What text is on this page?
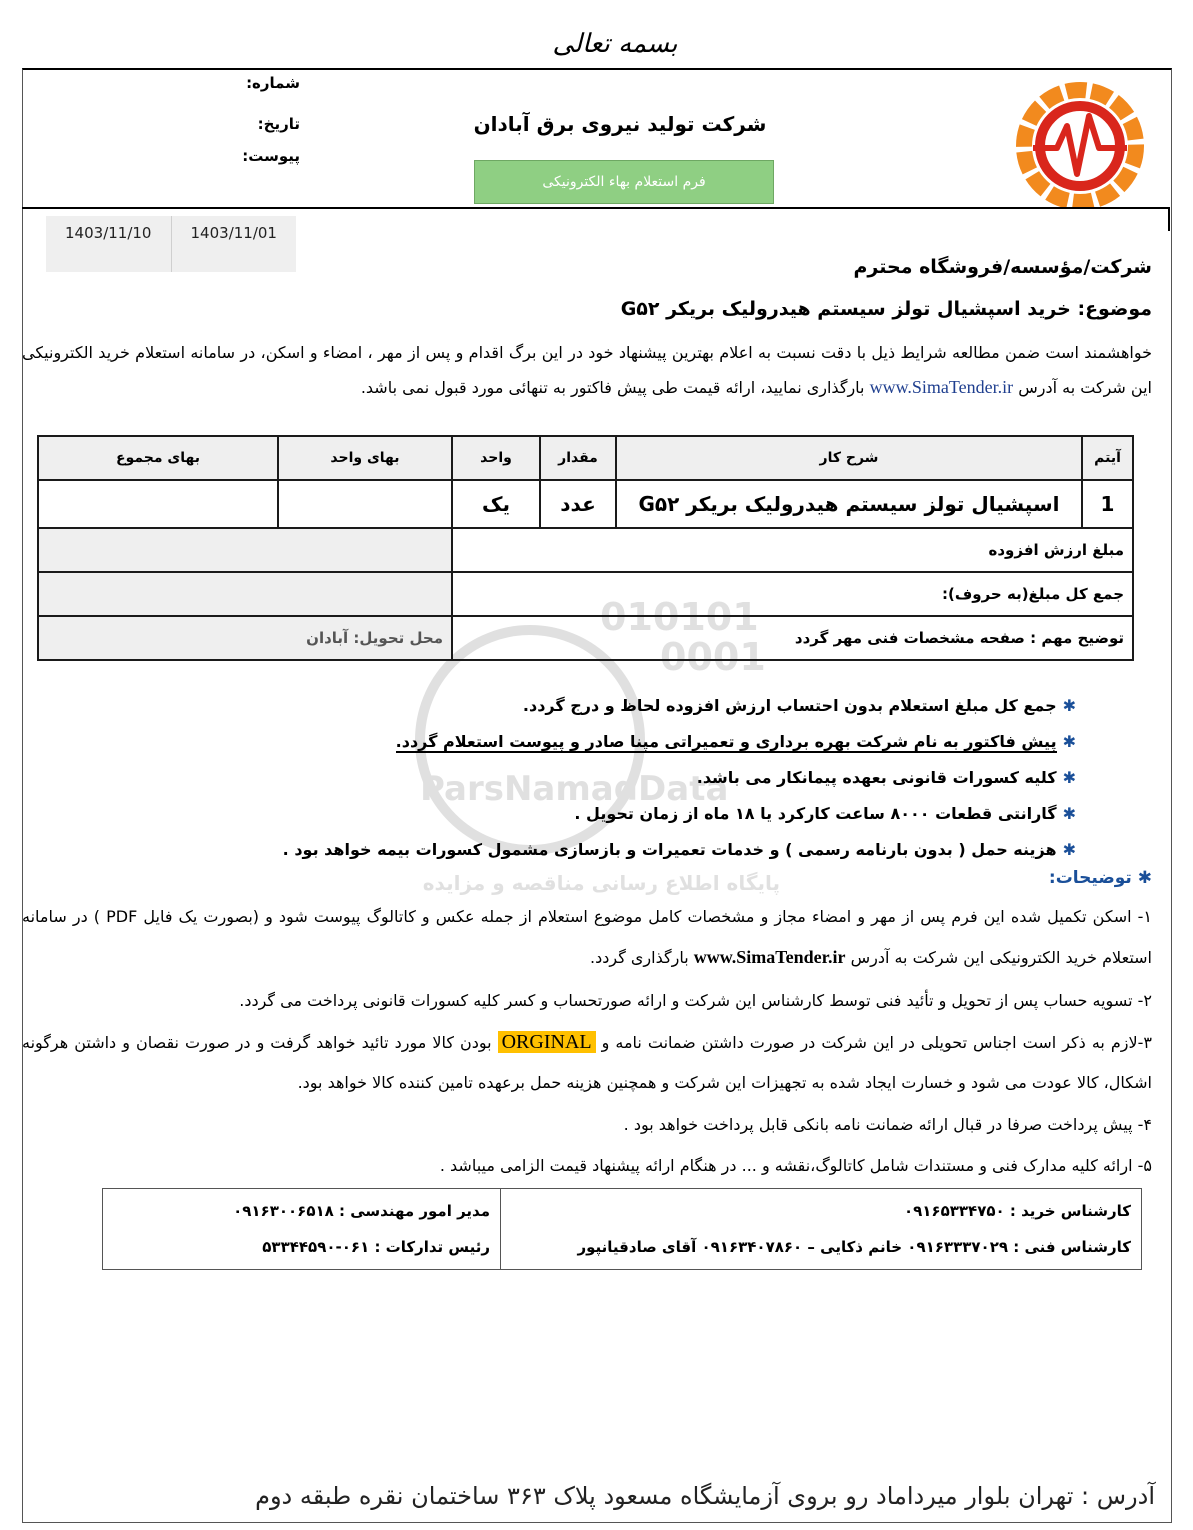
بسمه تعالی
شماره:
تاریخ:
پیوست:
شرکت تولید نیروی برق آبادان
فرم استعلام بهاء الکترونیکی
1403/11/10	1403/11/01
شرکت/مؤسسه/فروشگاه محترم
موضوع: خرید اسپشیال تولز سیستم هیدرولیک بریکر G۵۲
خواهشمند است ضمن مطالعه شرایط ذیل با دقت نسبت به اعلام بهترین پیشنهاد خود در این برگ اقدام و پس از مهر ، امضاء و اسکن، در سامانه استعلام خرید الکترونیکی این شرکت به آدرس www.SimaTender.ir بارگذاری نمایید، ارائه قیمت طی پیش فاکتور به تنهائی مورد قبول نمی باشد.
010101
0001
ParsNamadData
پایگاه اطلاع رسانی مناقصه و مزایده
آیتم	شرح کار	مقدار	واحد	بهای واحد	بهای مجموع
1	اسپشیال تولز سیستم هیدرولیک بریکر G۵۲	عدد	یک		
مبلغ ارزش افزوده					
جمع کل مبلغ(به حروف):					
توضیح مهم : صفحه مشخصات فنی مهر گردد				محل تحویل: آبادان	
✱جمع کل مبلغ استعلام بدون احتساب ارزش افزوده لحاظ و درج گردد.
✱پیش فاکتور به نام شرکت بهره برداری و تعمیراتی مپنا صادر و پیوست استعلام گردد.
✱کلیه کسورات قانونی بعهده پیمانکار می باشد.
✱گارانتی قطعات ۸۰۰۰ ساعت کارکرد یا ۱۸ ماه از زمان تحویل .
✱هزینه حمل ( بدون بارنامه رسمی ) و خدمات تعمیرات و بازسازی مشمول کسورات بیمه خواهد بود .
✱ توضیحات:
۱- اسکن تکمیل شده این فرم پس از مهر و امضاء مجاز و مشخصات کامل موضوع استعلام از جمله عکس و کاتالوگ پیوست شود و (بصورت یک فایل PDF ) در سامانه استعلام خرید الکترونیکی این شرکت به آدرس www.SimaTender.ir بارگذاری گردد.
۲- تسویه حساب پس از تحویل و تأئید فنی توسط کارشناس این شرکت و ارائه صورتحساب و کسر کلیه کسورات قانونی پرداخت می گردد.
۳-لازم به ذکر است اجناس تحویلی در این شرکت در صورت داشتن ضمانت نامه و ORGINAL بودن کالا مورد تائید خواهد گرفت و در صورت نقصان و داشتن هرگونه اشکال، کالا عودت می شود و خسارت ایجاد شده به تجهیزات این شرکت و همچنین هزینه حمل برعهده تامین کننده کالا خواهد بود.
۴- پیش پرداخت صرفا در قبال ارائه ضمانت نامه بانکی قابل پرداخت خواهد بود .
۵- ارائه کلیه مدارک فنی و مستندات شامل کاتالوگ،نقشه و ... در هنگام ارائه پیشنهاد قیمت الزامی میباشد .
کارشناس خرید : ۰۹۱۶۵۳۳۴۷۵۰
کارشناس فنی : ۰۹۱۶۳۳۳۷۰۲۹ خانم ذکایی – ۰۹۱۶۳۴۰۷۸۶۰ آقای صادقیانپور

مدیر امور مهندسی : ۰۹۱۶۳۰۰۶۵۱۸
رئیس تدارکات : ۰۶۱-۵۳۳۴۴۵۹۰
آدرس : تهران بلوار میرداماد رو بروی آزمایشگاه مسعود پلاک ۳۶۳ ساختمان نقره طبقه دوم
